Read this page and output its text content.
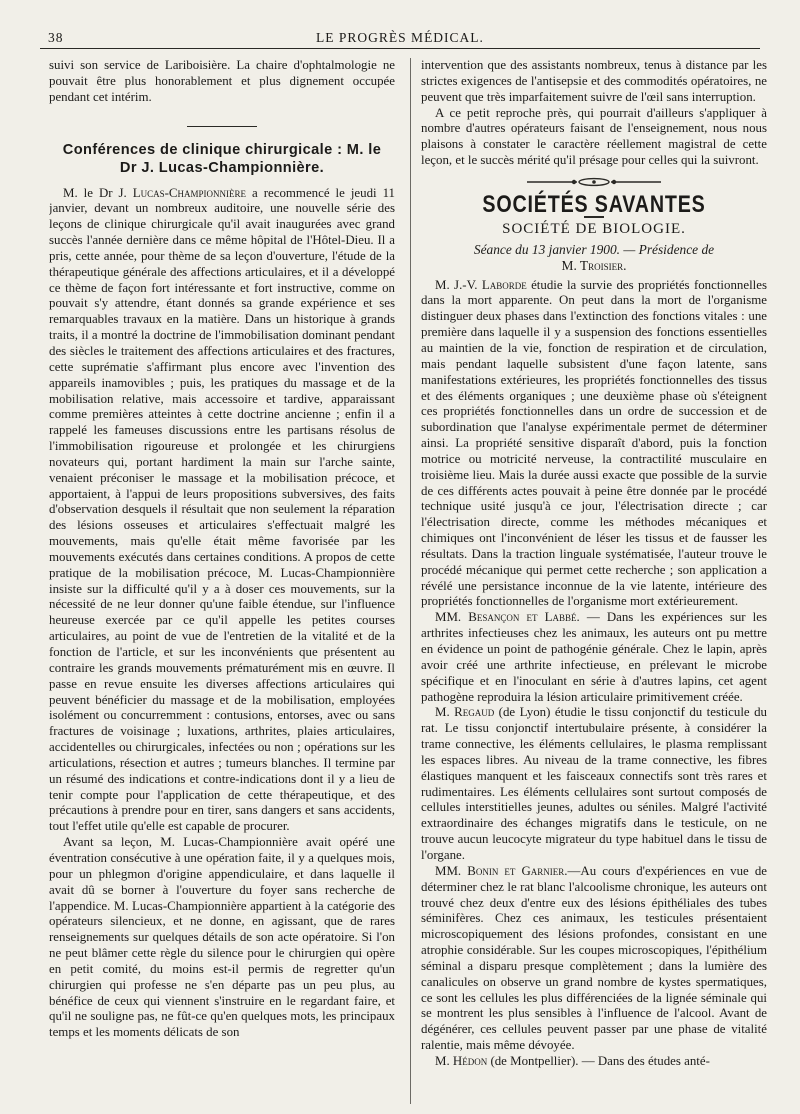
38	LE PROGRÈS MÉDICAL.

suivi son service de Lariboisière. La chaire d'ophtalmologie ne pouvait être plus honorablement et plus dignement occupée pendant cet intérim.

Conférences de clinique chirurgicale : M. le
Dr J. Lucas-Championnière.

M. le Dr J. Lucas-Championnière a recommencé le jeudi 11 janvier, devant un nombreux auditoire, une nouvelle série des leçons de clinique chirurgicale qu'il avait inaugurées avec grand succès l'année dernière dans ce même hôpital de l'Hôtel-Dieu. Il a pris, cette année, pour thème de sa leçon d'ouverture, l'étude de la thérapeutique générale des affections articulaires, et il a développé ce thème de façon fort intéressante et fort instructive, comme on pouvait s'y attendre, étant donnés sa grande expérience et ses remarquables travaux en la matière. Dans un historique à grands traits, il a montré la doctrine de l'immobilisation dominant pendant des siècles le traitement des affections articulaires et des fractures, cette suprématie s'affirmant plus encore avec l'invention des appareils inamovibles ; puis, les pratiques du massage et de la mobilisation relative, mais accessoire et tardive, apparaissant comme premières atteintes à cette doctrine ancienne ; enfin il a rappelé les fameuses discussions entre les partisans résolus de l'immobilisation rigoureuse et prolongée et les chirurgiens novateurs qui, portant hardiment la main sur l'arche sainte, venaient préconiser le massage et la mobilisation précoce, et apportaient, à l'appui de leurs propositions subversives, des faits d'observation desquels il résultait que non seulement la réparation des lésions osseuses et articulaires s'effectuait malgré les mouvements, mais qu'elle était même favorisée par les mouvements exécutés dans certaines conditions. A propos de cette pratique de la mobilisation précoce, M. Lucas-Championnière insiste sur la difficulté qu'il y a à doser ces mouvements, sur la nécessité de ne leur donner qu'une faible étendue, sur l'influence heureuse exercée par ce qu'il appelle les petites courses articulaires, au point de vue de l'entretien de la vitalité et de la fonction de l'article, et sur les inconvénients que présentent au contraire les grands mouvements prématurément mis en œuvre. Il passe en revue ensuite les diverses affections articulaires qui peuvent bénéficier du massage et de la mobilisation, employées isolément ou concurremment : contusions, entorses, avec ou sans fractures de voisinage ; luxations, arthrites, plaies articulaires, accidentelles ou chirurgicales, infectées ou non ; opérations sur les articulations, résection et autres ; tumeurs blanches. Il termine par un résumé des indications et contre-indications dont il y a lieu de tenir compte pour l'application de cette thérapeutique, et des précautions à prendre pour en tirer, sans dangers et sans accidents, tout l'effet utile qu'elle est capable de procurer.

Avant sa leçon, M. Lucas-Championnière avait opéré une éventration consécutive à une opération faite, il y a quelques mois, pour un phlegmon d'origine appendiculaire, et dans laquelle il avait dû se borner à l'ouverture du foyer sans recherche de l'appendice. M. Lucas-Championnière appartient à la catégorie des opérateurs silencieux, et ne donne, en agissant, que de rares renseignements sur quelques détails de son acte opératoire. Si l'on ne peut blâmer cette règle du silence pour le chirurgien qui opère en petit comité, du moins est-il permis de regretter qu'un chirurgien qui professe ne s'en départe pas un peu plus, au bénéfice de ceux qui viennent s'instruire en le regardant faire, et qu'il ne souligne pas, ne fût-ce qu'en quelques mots, les principaux temps et les moments délicats de son

intervention que des assistants nombreux, tenus à distance par les strictes exigences de l'antisepsie et des commodités opératoires, ne peuvent que très imparfaitement suivre de l'œil sans interruption.

A ce petit reproche près, qui pourrait d'ailleurs s'appliquer à nombre d'autres opérateurs faisant de l'enseignement, nous nous plaisons à constater le caractère réellement magistral de cette leçon, et le succès mérité qu'il présage pour celles qui la suivront.

SOCIÉTÉS SAVANTES
SOCIÉTÉ DE BIOLOGIE.
Séance du 13 janvier 1900. — Présidence de
M. Troisier.

M. J.-V. Laborde étudie la survie des propriétés fonctionnelles dans la mort apparente. On peut dans la mort de l'organisme distinguer deux phases dans l'extinction des fonctions vitales : une première dans laquelle il y a suspension des fonctions essentielles au maintien de la vie, fonction de respiration et de circulation, mais pendant laquelle subsistent d'une façon latente, sans manifestations extérieures, les propriétés fonctionnelles des tissus et des éléments organiques ; une deuxième phase où s'éteignent ces propriétés fonctionnelles dans un ordre de succession et de subordination que l'analyse expérimentale permet de déterminer ainsi. La propriété sensitive disparaît d'abord, puis la fonction motrice ou motricité nerveuse, la contractilité musculaire en troisième lieu. Mais la durée aussi exacte que possible de la survie de ces différents actes pouvait à peine être donnée par le procédé technique usité jusqu'à ce jour, l'électrisation directe ; car l'électrisation directe, comme les méthodes mécaniques et chimiques ont l'inconvénient de léser les tissus et de fausser les résultats. Dans la traction linguale systématisée, l'auteur trouve le procédé mécanique qui permet cette recherche ; son application a révélé une persistance inconnue de la vie latente, intérieure des propriétés fonctionnelles de l'organisme mort extérieurement.

MM. Besançon et Labbé. — Dans les expériences sur les arthrites infectieuses chez les animaux, les auteurs ont pu mettre en évidence un point de pathogénie générale. Chez le lapin, après avoir créé une arthrite infectieuse, en prélevant le microbe spécifique et en l'inoculant en série à d'autres lapins, cet agent pathogène reproduira la lésion articulaire primitivement créée.

M. Regaud (de Lyon) étudie le tissu conjonctif du testicule du rat. Le tissu conjonctif intertubulaire présente, à considérer la trame connective, les éléments cellulaires, le plasma remplissant les espaces libres. Au niveau de la trame connective, les fibres élastiques manquent et les faisceaux connectifs sont très rares et rudimentaires. Les éléments cellulaires sont surtout composés de cellules interstitielles jeunes, adultes ou séniles. Malgré l'activité extraordinaire des échanges migratifs dans le testicule, on ne trouve aucun leucocyte migrateur du type habituel dans le tissu de l'organe.

MM. Bonin et Garnier.—Au cours d'expériences en vue de déterminer chez le rat blanc l'alcoolisme chronique, les auteurs ont trouvé chez deux d'entre eux des lésions épithéliales des tubes séminifères. Chez ces animaux, les testicules présentaient microscopiquement des lésions profondes, consistant en une atrophie considérable. Sur les coupes microscopiques, l'épithélium séminal a disparu presque complètement ; dans la lumière des canalicules on observe un grand nombre de kystes spermatiques, ce sont les cellules les plus différenciées de la lignée séminale qui se montrent les plus sensibles à l'influence de l'alcool. Avant de dégénérer, ces cellules peuvent passer par une phase de vitalité ralentie, mais même dévoyée.

M. Hédon (de Montpellier). — Dans des études anté-
